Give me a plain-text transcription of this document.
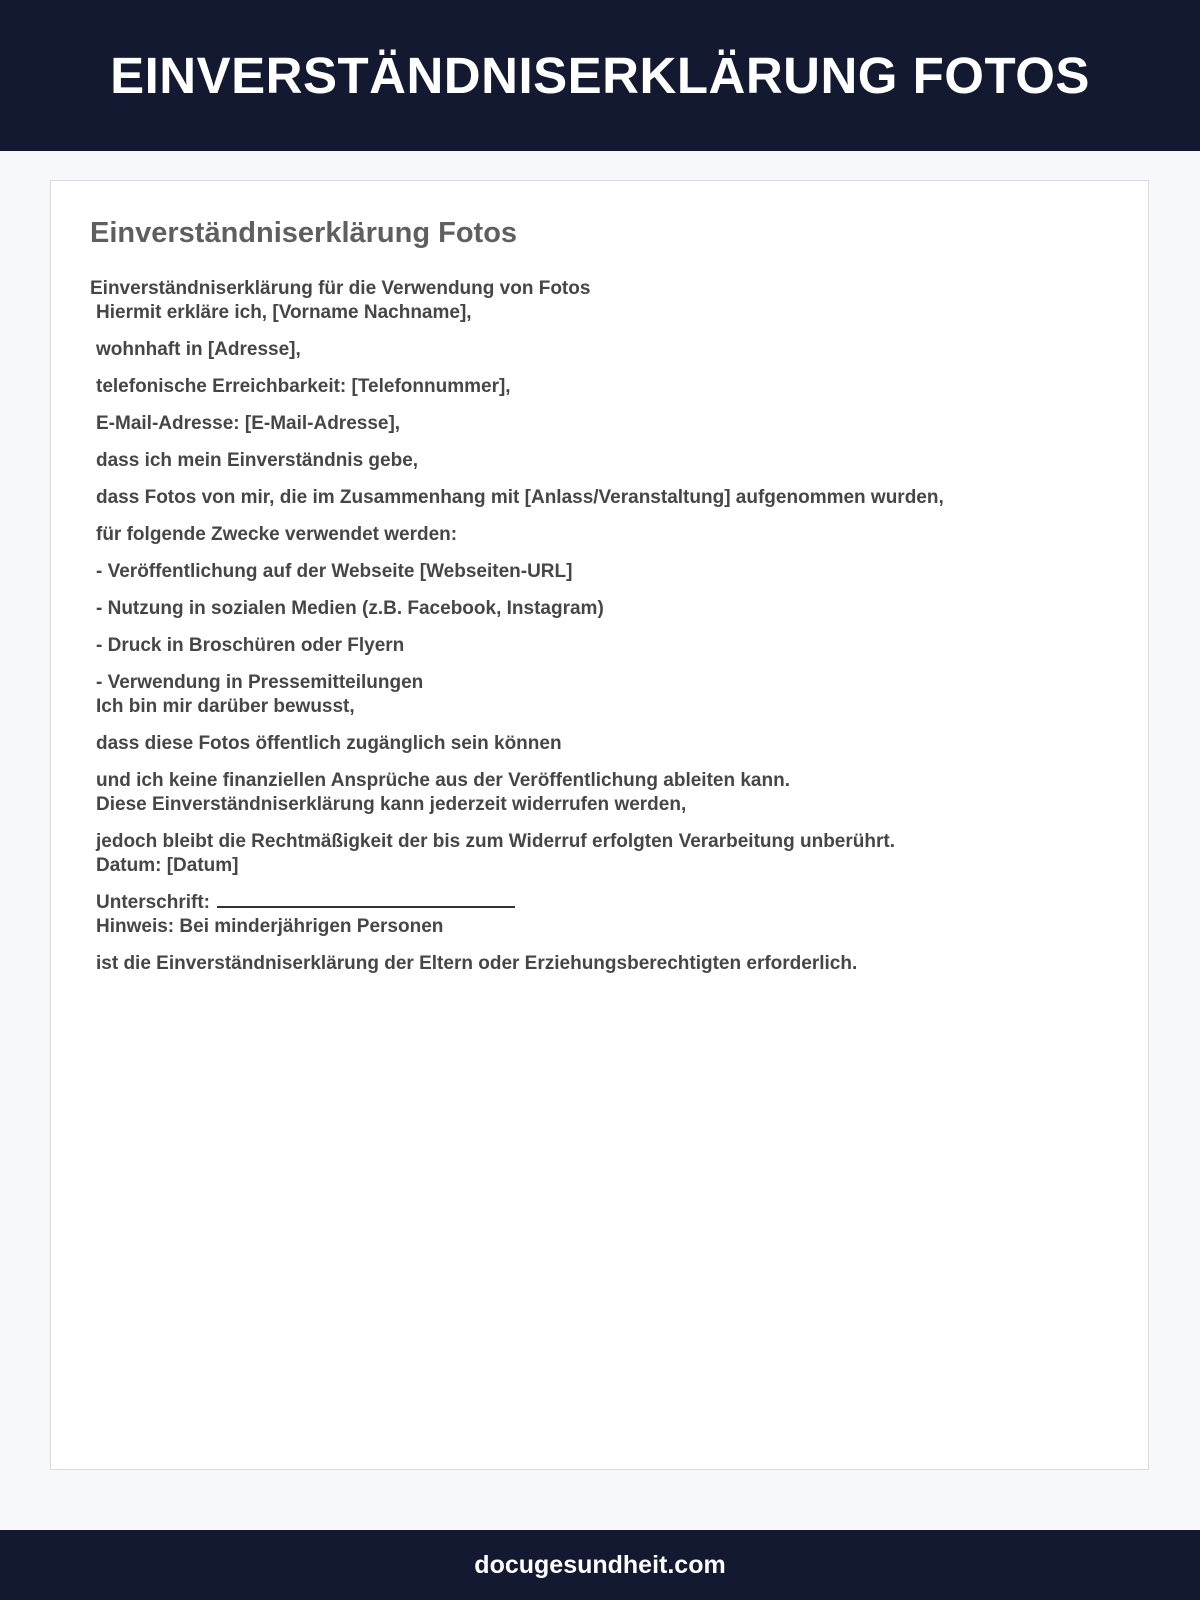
EINVERSTÄNDNISERKLÄRUNG FOTOS
Einverständniserklärung Fotos
Einverständniserklärung für die Verwendung von Fotos
Hiermit erkläre ich, [Vorname Nachname],
wohnhaft in [Adresse],
telefonische Erreichbarkeit: [Telefonnummer],
E-Mail-Adresse: [E-Mail-Adresse],
dass ich mein Einverständnis gebe,
dass Fotos von mir, die im Zusammenhang mit [Anlass/Veranstaltung] aufgenommen wurden,
für folgende Zwecke verwendet werden:
- Veröffentlichung auf der Webseite [Webseiten-URL]
- Nutzung in sozialen Medien (z.B. Facebook, Instagram)
- Druck in Broschüren oder Flyern
- Verwendung in Pressemitteilungen
Ich bin mir darüber bewusst,
dass diese Fotos öffentlich zugänglich sein können
und ich keine finanziellen Ansprüche aus der Veröffentlichung ableiten kann.
Diese Einverständniserklärung kann jederzeit widerrufen werden,
jedoch bleibt die Rechtmäßigkeit der bis zum Widerruf erfolgten Verarbeitung unberührt.
Datum: [Datum]
Unterschrift:
Hinweis: Bei minderjährigen Personen
ist die Einverständniserklärung der Eltern oder Erziehungsberechtigten erforderlich.
docugesundheit.com
